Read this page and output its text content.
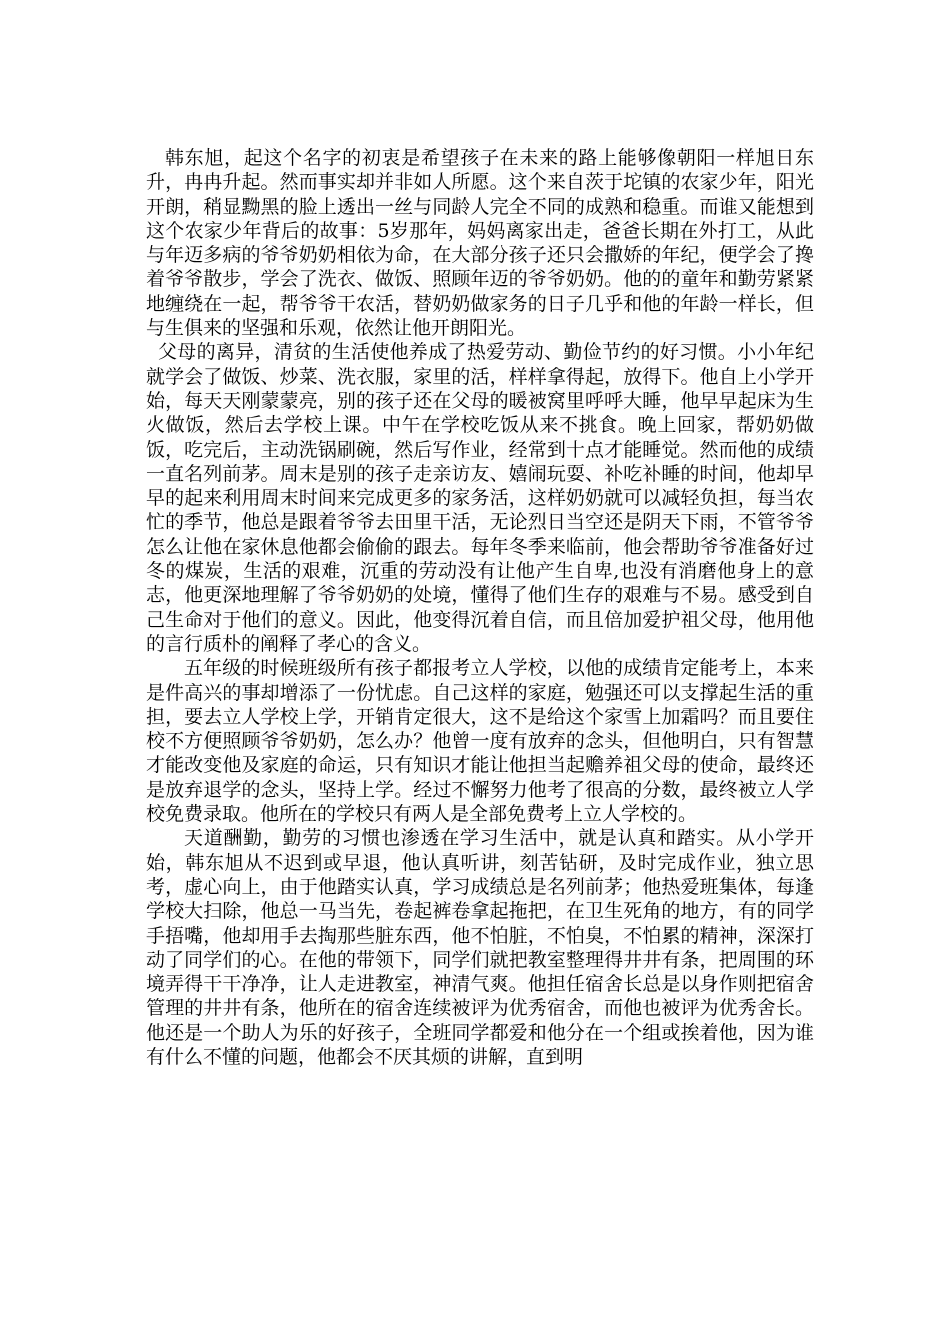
韩东旭，起这个名字的初衷是希望孩子在未来的路上能够像朝阳一样旭日东升，冉冉升起。然而事实却并非如人所愿。这个来自茨于坨镇的农家少年，阳光开朗，稍显黝黑的脸上透出一丝与同龄人完全不同的成熟和稳重。而谁又能想到这个农家少年背后的故事：5岁那年，妈妈离家出走，爸爸长期在外打工，从此与年迈多病的爷爷奶奶相依为命，在大部分孩子还只会撒娇的年纪，便学会了搀着爷爷散步，学会了洗衣、做饭、照顾年迈的爷爷奶奶。他的的童年和勤劳紧紧地缠绕在一起，帮爷爷干农活，替奶奶做家务的日子几乎和他的年龄一样长，但与生俱来的坚强和乐观，依然让他开朗阳光。

父母的离异，清贫的生活使他养成了热爱劳动、勤俭节约的好习惯。小小年纪就学会了做饭、炒菜、洗衣服，家里的活，样样拿得起，放得下。他自上小学开始，每天天刚蒙蒙亮，别的孩子还在父母的暖被窝里呼呼大睡，他早早起床为生火做饭，然后去学校上课。中午在学校吃饭从来不挑食。晚上回家，帮奶奶做饭，吃完后，主动洗锅刷碗，然后写作业，经常到十点才能睡觉。然而他的成绩一直名列前茅。周末是别的孩子走亲访友、嬉闹玩耍、补吃补睡的时间，他却早早的起来利用周末时间来完成更多的家务活，这样奶奶就可以减轻负担，每当农忙的季节，他总是跟着爷爷去田里干活，无论烈日当空还是阴天下雨，不管爷爷怎么让他在家休息他都会偷偷的跟去。每年冬季来临前，他会帮助爷爷准备好过冬的煤炭，生活的艰难，沉重的劳动没有让他产生自卑,也没有消磨他身上的意志，他更深地理解了爷爷奶奶的处境，懂得了他们生存的艰难与不易。感受到自己生命对于他们的意义。因此，他变得沉着自信，而且倍加爱护祖父母，他用他的言行质朴的阐释了孝心的含义。

五年级的时候班级所有孩子都报考立人学校，以他的成绩肯定能考上，本来是件高兴的事却增添了一份忧虑。自己这样的家庭，勉强还可以支撑起生活的重担，要去立人学校上学，开销肯定很大，这不是给这个家雪上加霜吗？而且要住校不方便照顾爷爷奶奶，怎么办？他曾一度有放弃的念头，但他明白，只有智慧才能改变他及家庭的命运，只有知识才能让他担当起赡养祖父母的使命，最终还是放弃退学的念头，坚持上学。经过不懈努力他考了很高的分数，最终被立人学校免费录取。他所在的学校只有两人是全部免费考上立人学校的。

天道酬勤，勤劳的习惯也渗透在学习生活中，就是认真和踏实。从小学开始，韩东旭从不迟到或早退，他认真听讲，刻苦钻研，及时完成作业，独立思考，虚心向上，由于他踏实认真，学习成绩总是名列前茅；他热爱班集体，每逢学校大扫除，他总一马当先，卷起裤卷拿起拖把，在卫生死角的地方，有的同学手捂嘴，他却用手去掏那些脏东西，他不怕脏，不怕臭，不怕累的精神，深深打动了同学们的心。在他的带领下，同学们就把教室整理得井井有条，把周围的环境弄得干干净净，让人走进教室，神清气爽。他担任宿舍长总是以身作则把宿舍管理的井井有条，他所在的宿舍连续被评为优秀宿舍，而他也被评为优秀舍长。他还是一个助人为乐的好孩子，全班同学都爱和他分在一个组或挨着他，因为谁有什么不懂的问题，他都会不厌其烦的讲解，直到明
